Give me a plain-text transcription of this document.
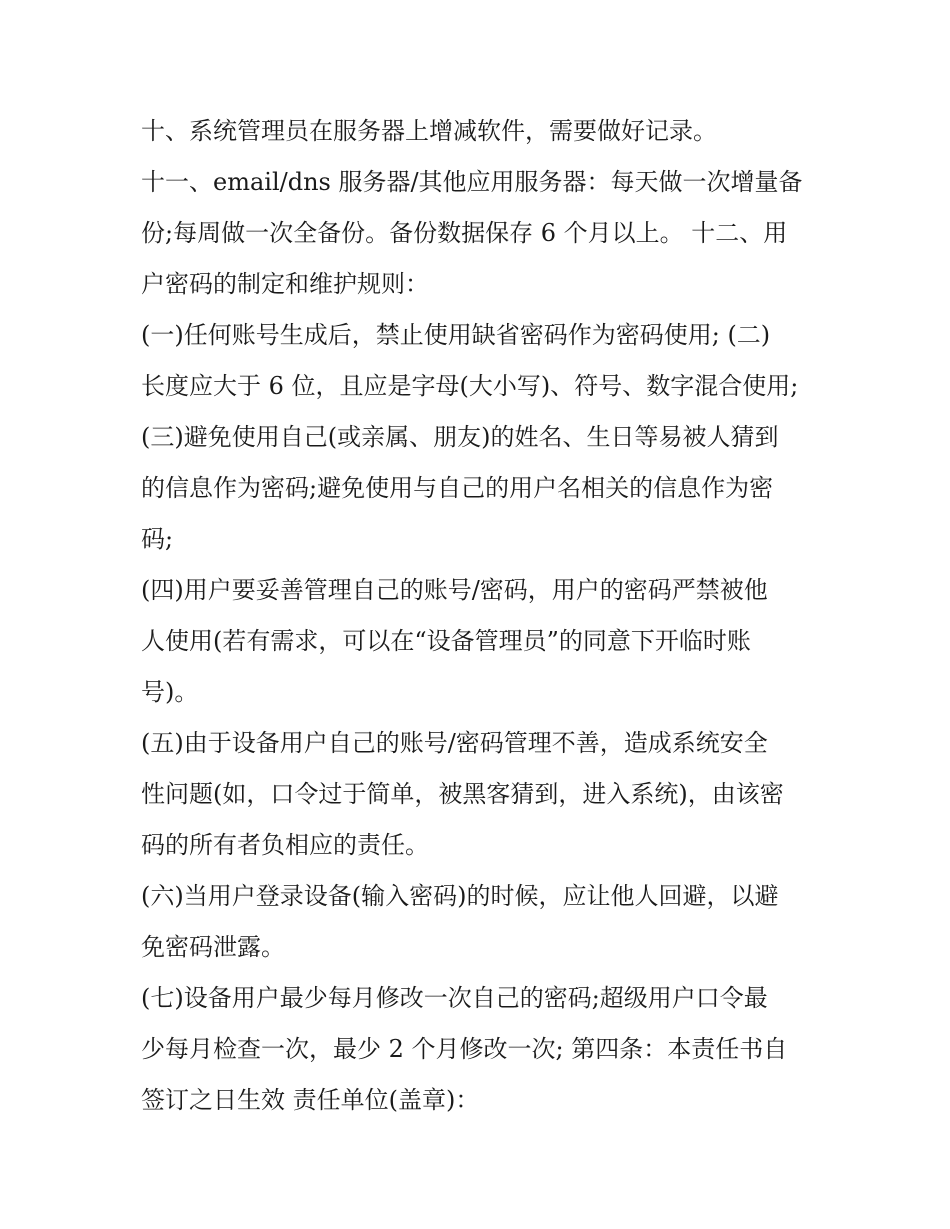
十、系统管理员在服务器上增减软件，需要做好记录。
十一、email/dns 服务器/其他应用服务器：每天做一次增量备
份;每周做一次全备份。备份数据保存 6 个月以上。 十二、用
户密码的制定和维护规则：
(一)任何账号生成后，禁止使用缺省密码作为密码使用; (二)
长度应大于 6 位，且应是字母(大小写)、符号、数字混合使用;
(三)避免使用自己(或亲属、朋友)的姓名、生日等易被人猜到
的信息作为密码;避免使用与自己的用户名相关的信息作为密
码;
(四)用户要妥善管理自己的账号/密码，用户的密码严禁被他
人使用(若有需求，可以在“设备管理员”的同意下开临时账
号)。
(五)由于设备用户自己的账号/密码管理不善，造成系统安全
性问题(如，口令过于简单，被黑客猜到，进入系统)，由该密
码的所有者负相应的责任。
(六)当用户登录设备(输入密码)的时候，应让他人回避，以避
免密码泄露。
(七)设备用户最少每月修改一次自己的密码;超级用户口令最
少每月检查一次，最少 2 个月修改一次; 第四条：本责任书自
签订之日生效 责任单位(盖章)：
